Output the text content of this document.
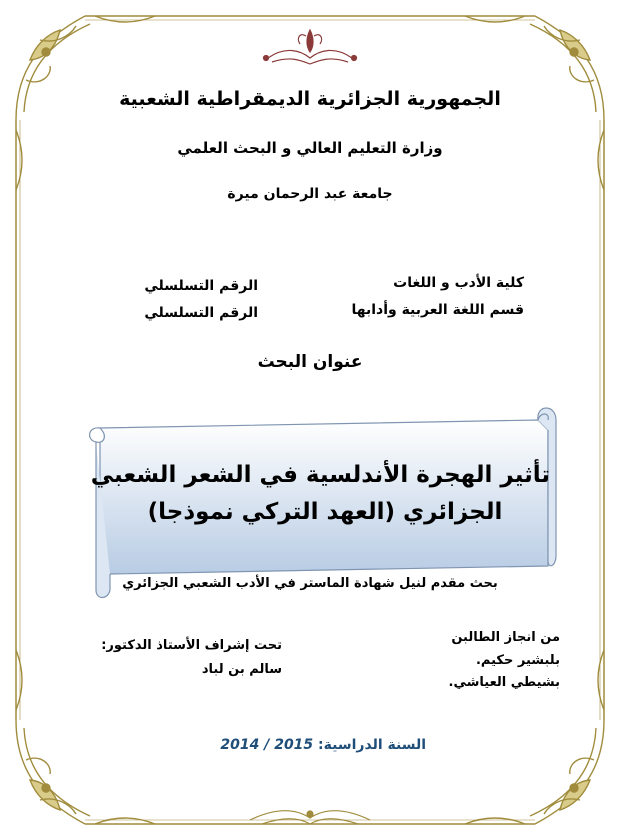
الجمهورية الجزائرية الديمقراطية الشعبية
وزارة التعليم العالي و البحث العلمي
جامعة عبد الرحمان ميرة
كلية الأدب و اللغات
قسم اللغة العربية وأدابها
الرقم التسلسلي
الرقم التسلسلي
عنوان البحث
تأثير الهجرة الأندلسية في الشعر الشعبي
الجزائري (العهد التركي نموذجا)
بحث مقدم لنيل شهادة الماستر في الأدب الشعبي الجزائري
تحت إشراف الأستاذ الدكتور:
سالم بن لباد
من انجاز الطالبن
بلبشير حكيم.
بشيطي العياشي.
السنة الدراسية: 2015 / 2014
